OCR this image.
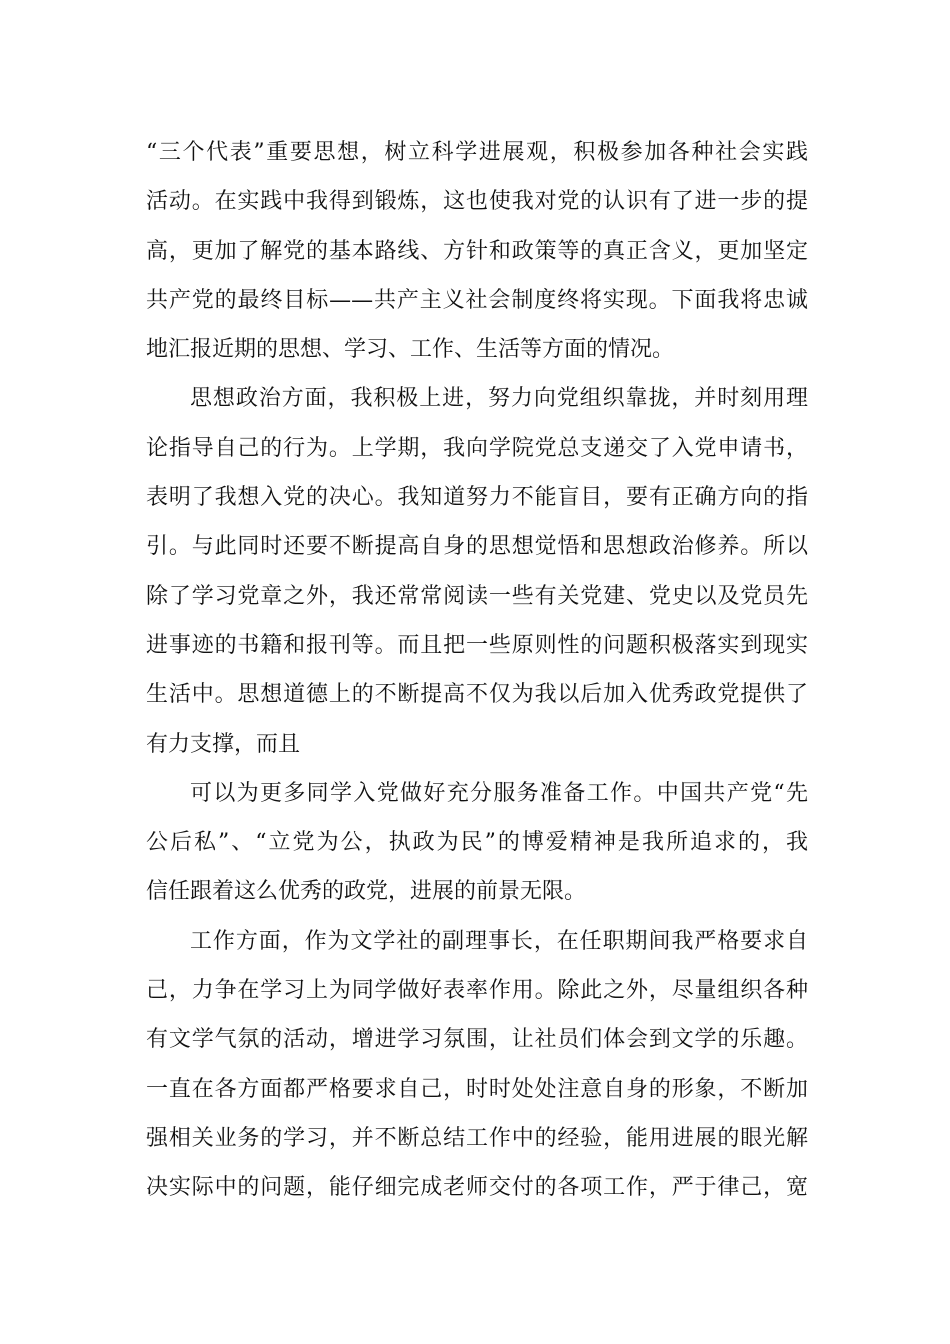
“三个代表”重要思想，树立科学进展观，积极参加各种社会实践
活动。在实践中我得到锻炼，这也使我对党的认识有了进一步的提
高，更加了解党的基本路线、方针和政策等的真正含义，更加坚定
共产党的最终目标——共产主义社会制度终将实现。下面我将忠诚
地汇报近期的思想、学习、工作、生活等方面的情况。
思想政治方面，我积极上进，努力向党组织靠拢，并时刻用理
论指导自己的行为。上学期，我向学院党总支递交了入党申请书，
表明了我想入党的决心。我知道努力不能盲目，要有正确方向的指
引。与此同时还要不断提高自身的思想觉悟和思想政治修养。所以
除了学习党章之外，我还常常阅读一些有关党建、党史以及党员先
进事迹的书籍和报刊等。而且把一些原则性的问题积极落实到现实
生活中。思想道德上的不断提高不仅为我以后加入优秀政党提供了
有力支撑，而且
可以为更多同学入党做好充分服务准备工作。中国共产党“先
公后私”、“立党为公，执政为民”的博爱精神是我所追求的，我
信任跟着这么优秀的政党，进展的前景无限。
工作方面，作为文学社的副理事长，在任职期间我严格要求自
己，力争在学习上为同学做好表率作用。除此之外，尽量组织各种
有文学气氛的活动，增进学习氛围，让社员们体会到文学的乐趣。
一直在各方面都严格要求自己，时时处处注意自身的形象，不断加
强相关业务的学习，并不断总结工作中的经验，能用进展的眼光解
决实际中的问题，能仔细完成老师交付的各项工作，严于律己，宽
